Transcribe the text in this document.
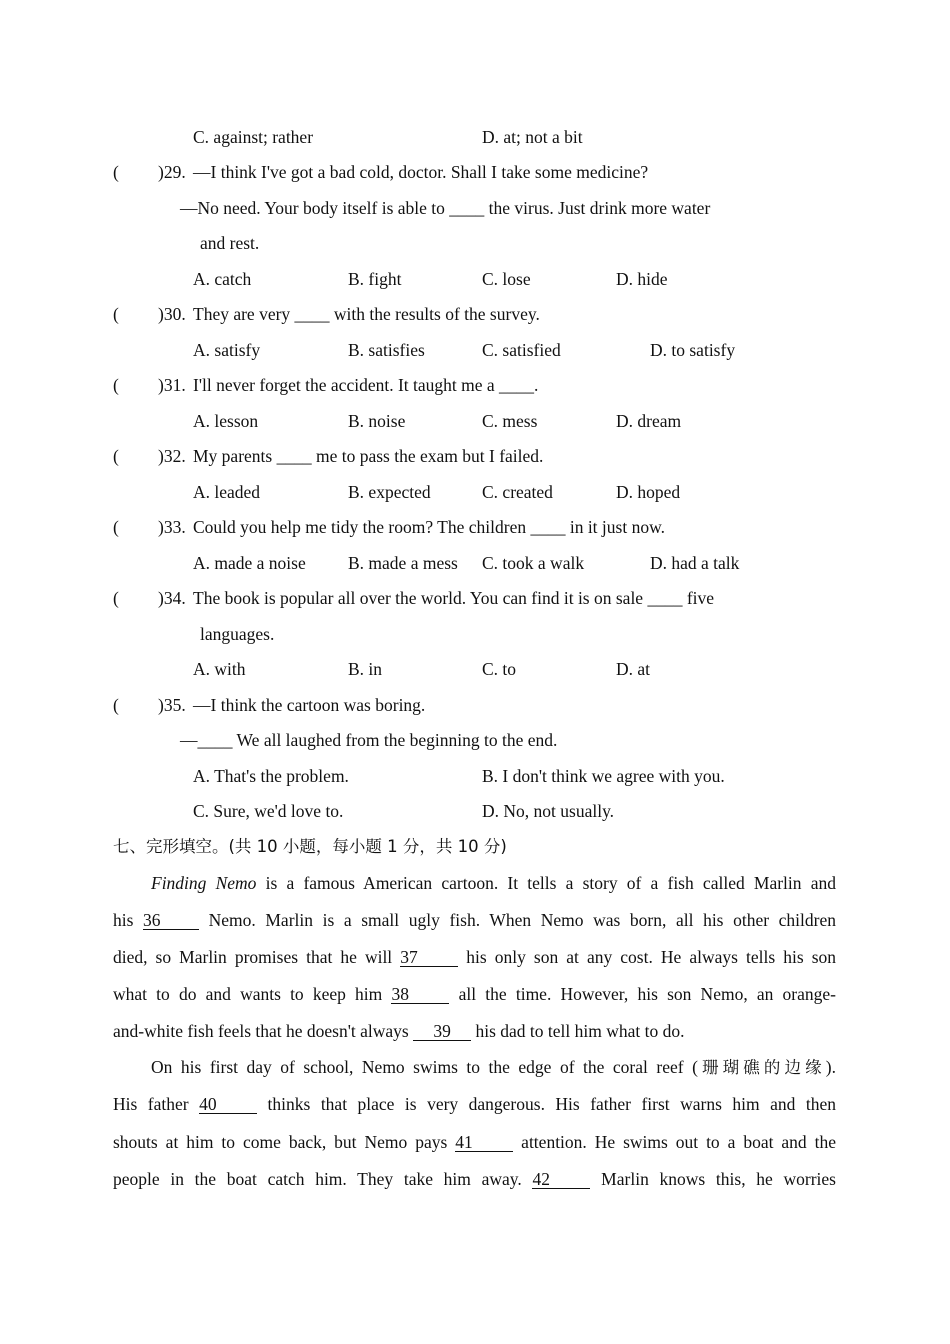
C. against; rather	D. at; not a bit
( )29. —I think I've got a bad cold, doctor. Shall I take some medicine?
—No need. Your body itself is able to ____ the virus. Just drink more water
and rest.
A. catch	B. fight	C. lose	D. hide
( )30. They are very ____ with the results of the survey.
A. satisfy	B. satisfies	C. satisfied	D. to satisfy
( )31. I'll never forget the accident. It taught me a ____.
A. lesson	B. noise	C. mess	D. dream
( )32. My parents ____ me to pass the exam but I failed.
A. leaded	B. expected	C. created	D. hoped
( )33. Could you help me tidy the room? The children ____ in it just now.
A. made a noise B. made a mess C. took a walk	D. had a talk
( )34. The book is popular all over the world. You can find it is on sale ____ five
languages.
A. with	B. in	C. to	D. at
( )35. —I think the cartoon was boring.
—____ We all laughed from the beginning to the end.
A. That's the problem.	B. I don't think we agree with you.
C. Sure, we'd love to.	D. No, not usually.
七、完形填空。(共 10 小题，每小题 1 分，共 10 分)
Finding Nemo is a famous American cartoon. It tells a story of a fish called Marlin and
his 36 Nemo. Marlin is a small ugly fish. When Nemo was born, all his other children
died, so Marlin promises that he will 37 his only son at any cost. He always tells his son
what to do and wants to keep him 38 all the time. However, his son Nemo, an orange-
and-white fish feels that he doesn't always 39 his dad to tell him what to do.
On his first day of school, Nemo swims to the edge of the coral reef (珊瑚礁的边缘).
His father 40 thinks that place is very dangerous. His father first warns him and then
shouts at him to come back, but Nemo pays 41 attention. He swims out to a boat and the
people in the boat catch him. They take him away. 42 Marlin knows this, he worries
